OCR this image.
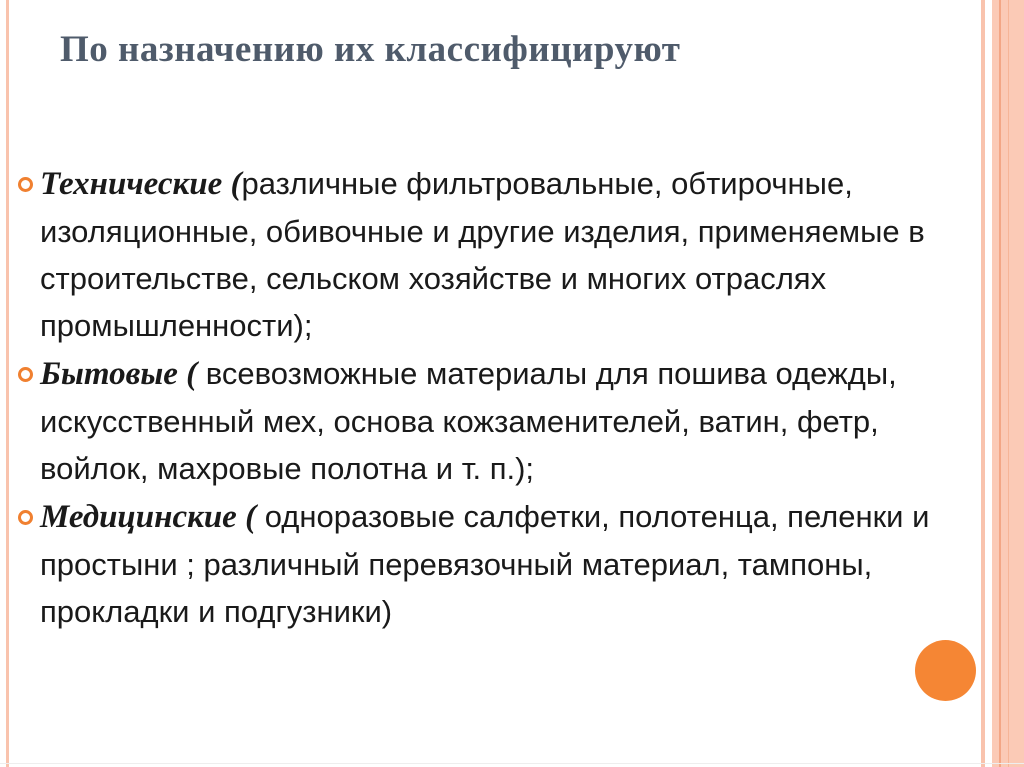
По назначению их классифицируют
Технические (различные фильтровальные, обтирочные, изоляционные, обивочные и другие изделия, применяемые в строительстве, сельском хозяйстве и многих отраслях промышленности);
Бытовые ( всевозможные материалы для пошива одежды, искусственный мех, основа кожзаменителей, ватин, фетр, войлок, махровые полотна и т. п.);
Медицинские ( одноразовые салфетки, полотенца, пеленки и простыни ; различный перевязочный материал, тампоны, прокладки и подгузники)
